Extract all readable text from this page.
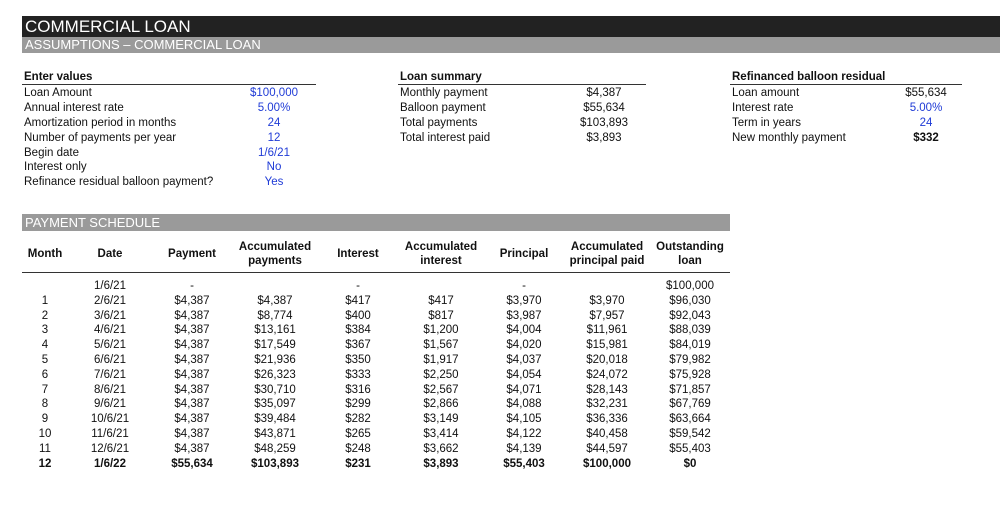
COMMERCIAL LOAN
ASSUMPTIONS – COMMERCIAL LOAN
Enter values
Loan Amount	$100,000
Annual interest rate	5.00%
Amortization period in months	24
Number of payments per year	12
Begin date	1/6/21
Interest only	No
Refinance residual balloon payment?	Yes
Loan summary
Monthly payment	$4,387
Balloon payment	$55,634
Total payments	$103,893
Total interest paid	$3,893
Refinanced balloon residual
Loan amount	$55,634
Interest rate	5.00%
Term in years	24
New monthly payment	$332
PAYMENT SCHEDULE
Month	Date	Payment	Accumulated payments	Interest	Accumulated interest	Principal	Accumulated principal paid	Outstanding loan
	1/6/21	-		-		-		$100,000
1	2/6/21	$4,387	$4,387	$417	$417	$3,970	$3,970	$96,030
2	3/6/21	$4,387	$8,774	$400	$817	$3,987	$7,957	$92,043
3	4/6/21	$4,387	$13,161	$384	$1,200	$4,004	$11,961	$88,039
4	5/6/21	$4,387	$17,549	$367	$1,567	$4,020	$15,981	$84,019
5	6/6/21	$4,387	$21,936	$350	$1,917	$4,037	$20,018	$79,982
6	7/6/21	$4,387	$26,323	$333	$2,250	$4,054	$24,072	$75,928
7	8/6/21	$4,387	$30,710	$316	$2,567	$4,071	$28,143	$71,857
8	9/6/21	$4,387	$35,097	$299	$2,866	$4,088	$32,231	$67,769
9	10/6/21	$4,387	$39,484	$282	$3,149	$4,105	$36,336	$63,664
10	11/6/21	$4,387	$43,871	$265	$3,414	$4,122	$40,458	$59,542
11	12/6/21	$4,387	$48,259	$248	$3,662	$4,139	$44,597	$55,403
12	1/6/22	$55,634	$103,893	$231	$3,893	$55,403	$100,000	$0
